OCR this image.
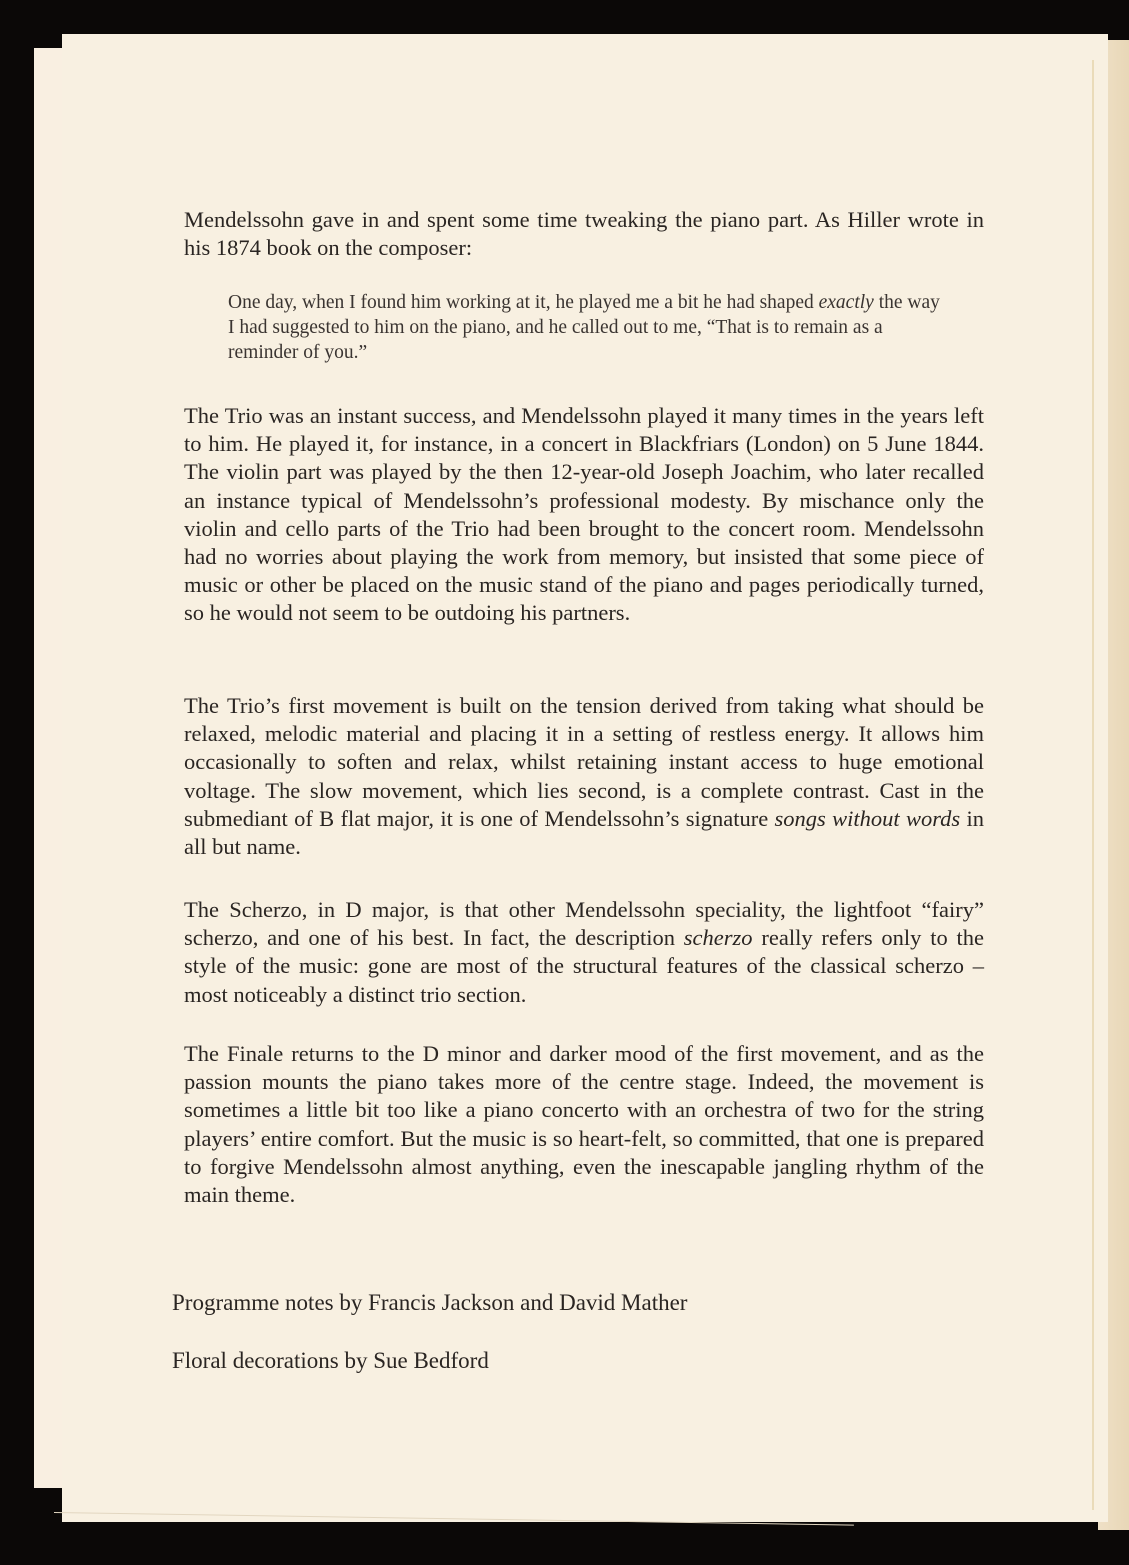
Mendelssohn gave in and spent some time tweaking the piano part. As Hiller wrote in his 1874 book on the composer:

One day, when I found him working at it, he played me a bit he had shaped exactly the way I had suggested to him on the piano, and he called out to me, “That is to remain as a reminder of you.”

The Trio was an instant success, and Mendelssohn played it many times in the years left to him. He played it, for instance, in a concert in Blackfriars (London) on 5 June 1844. The violin part was played by the then 12-year-old Joseph Joachim, who later recalled an instance typical of Mendelssohn’s professional modesty. By mischance only the violin and cello parts of the Trio had been brought to the concert room. Mendelssohn had no worries about playing the work from memory, but insisted that some piece of music or other be placed on the music stand of the piano and pages periodically turned, so he would not seem to be outdoing his partners.

The Trio’s first movement is built on the tension derived from taking what should be relaxed, melodic material and placing it in a setting of restless energy. It allows him occasionally to soften and relax, whilst retaining instant access to huge emotional voltage. The slow movement, which lies second, is a complete contrast. Cast in the submediant of B flat major, it is one of Mendelssohn’s signature songs without words in all but name.

The Scherzo, in D major, is that other Mendelssohn speciality, the lightfoot “fairy” scherzo, and one of his best. In fact, the description scherzo really refers only to the style of the music: gone are most of the structural features of the classical scherzo – most noticeably a distinct trio section.

The Finale returns to the D minor and darker mood of the first movement, and as the passion mounts the piano takes more of the centre stage. Indeed, the movement is sometimes a little bit too like a piano concerto with an orchestra of two for the string players’ entire comfort. But the music is so heart-felt, so committed, that one is prepared to forgive Mendelssohn almost anything, even the inescapable jangling rhythm of the main theme.

Programme notes by Francis Jackson and David Mather
Floral decorations by Sue Bedford
